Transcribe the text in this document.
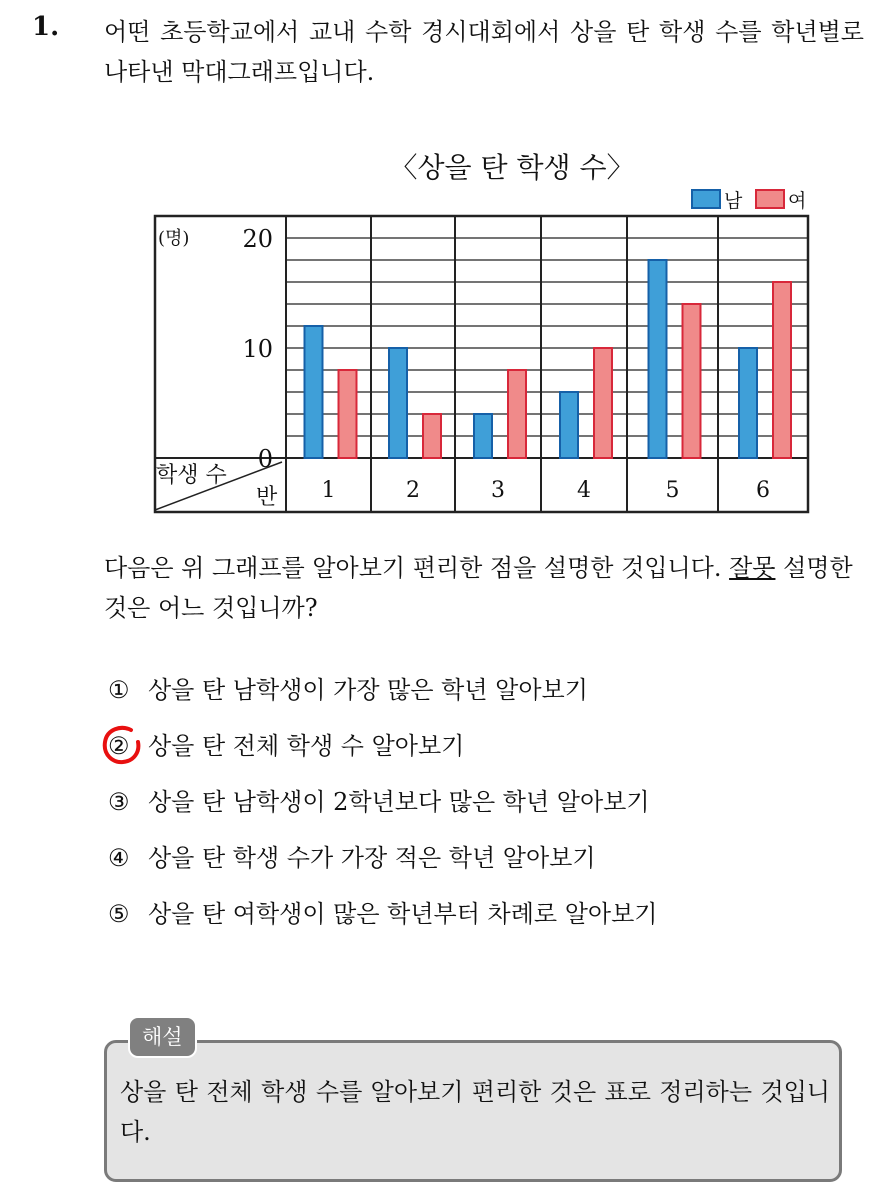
1. 어떤 초등학교에서 교내 수학 경시대회에서 상을 탄 학생 수를 학년별로 나타낸 막대그래프입니다.
〈상을 탄 학생 수〉
남 여
0
10
20
1	2	3	4	5	6
(명)
학생 수
반
다음은 위 그래프를 알아보기 편리한 점을 설명한 것입니다. 잘못 설명한 것은 어느 것입니까?
① 상을 탄 남학생이 가장 많은 학년 알아보기
② 상을 탄 전체 학생 수 알아보기
③ 상을 탄 남학생이 2학년보다 많은 학년 알아보기
④ 상을 탄 학생 수가 가장 적은 학년 알아보기
⑤ 상을 탄 여학생이 많은 학년부터 차례로 알아보기
해설
상을 탄 전체 학생 수를 알아보기 편리한 것은 표로 정리하는 것입니다.
